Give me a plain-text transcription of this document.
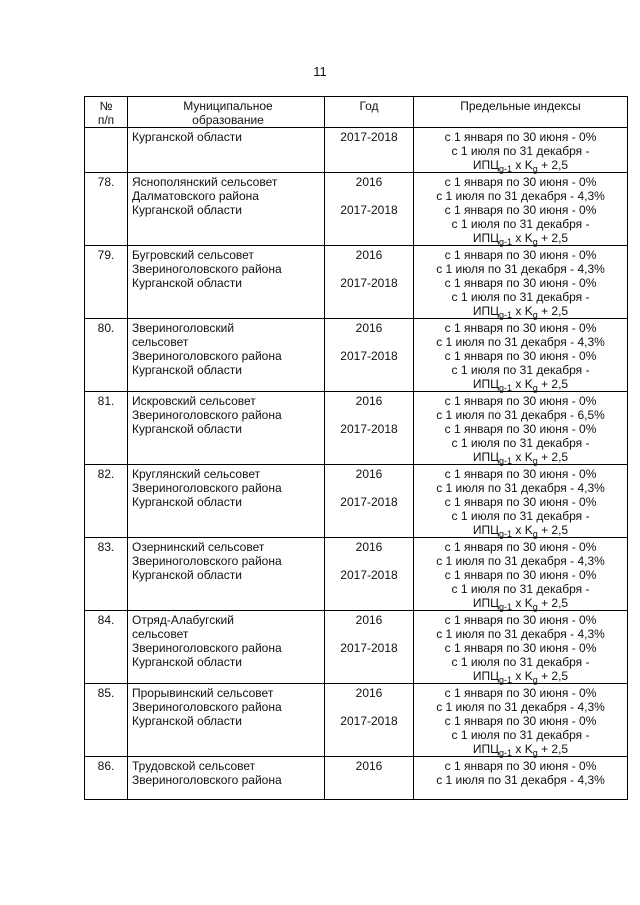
11
№
п/п	Муниципальное
образование	Год	Предельные индексы

	Курганской области	2017-2018	с 1 января по 30 июня - 0%
с 1 июля по 31 декабря -
$ИПЦ_{g-1}$ x $K_g + 2,5$

78.	Яснополянский сельсовет
Далматовского района
Курганской области	2016
2017-2018	с 1 января по 30 июня - 0%
с 1 июля по 31 декабря - 4,3%
с 1 января по 30 июня - 0%
с 1 июля по 31 декабря -
$ИПЦ_{g-1}$ x $K_g + 2,5$

79.	Бугровский сельсовет
Звериноголовского района
Курганской области	2016
2017-2018	с 1 января по 30 июня - 0%
с 1 июля по 31 декабря - 4,3%
с 1 января по 30 июня - 0%
с 1 июля по 31 декабря -
$ИПЦ_{g-1}$ x $K_g + 2,5$

80.	Звериноголовский
сельсовет
Звериноголовского района
Курганской области	2016
2017-2018	с 1 января по 30 июня - 0%
с 1 июля по 31 декабря - 4,3%
с 1 января по 30 июня - 0%
с 1 июля по 31 декабря -
$ИПЦ_{g-1}$ x $K_g + 2,5$

81.	Искровский сельсовет
Звериноголовского района
Курганской области	2016
2017-2018	с 1 января по 30 июня - 0%
с 1 июля по 31 декабря - 6,5%
с 1 января по 30 июня - 0%
с 1 июля по 31 декабря -
$ИПЦ_{g-1}$ x $K_g + 2,5$

82.	Круглянский сельсовет
Звериноголовского района
Курганской области	2016
2017-2018	с 1 января по 30 июня - 0%
с 1 июля по 31 декабря - 4,3%
с 1 января по 30 июня - 0%
с 1 июля по 31 декабря -
$ИПЦ_{g-1}$ x $K_g + 2,5$

83.	Озернинский сельсовет
Звериноголовского района
Курганской области	2016
2017-2018	с 1 января по 30 июня - 0%
с 1 июля по 31 декабря - 4,3%
с 1 января по 30 июня - 0%
с 1 июля по 31 декабря -
$ИПЦ_{g-1}$ x $K_g + 2,5$

84.	Отряд-Алабугский
сельсовет
Звериноголовского района
Курганской области	2016
2017-2018	с 1 января по 30 июня - 0%
с 1 июля по 31 декабря - 4,3%
с 1 января по 30 июня - 0%
с 1 июля по 31 декабря -
$ИПЦ_{g-1}$ x $K_g + 2,5$

85.	Прорывинский сельсовет
Звериноголовского района
Курганской области	2016
2017-2018	с 1 января по 30 июня - 0%
с 1 июля по 31 декабря - 4,3%
с 1 января по 30 июня - 0%
с 1 июля по 31 декабря -
$ИПЦ_{g-1}$ x $K_g + 2,5$

86.	Трудовской сельсовет
Звериноголовского района	2016	с 1 января по 30 июня - 0%
с 1 июля по 31 декабря - 4,3%
